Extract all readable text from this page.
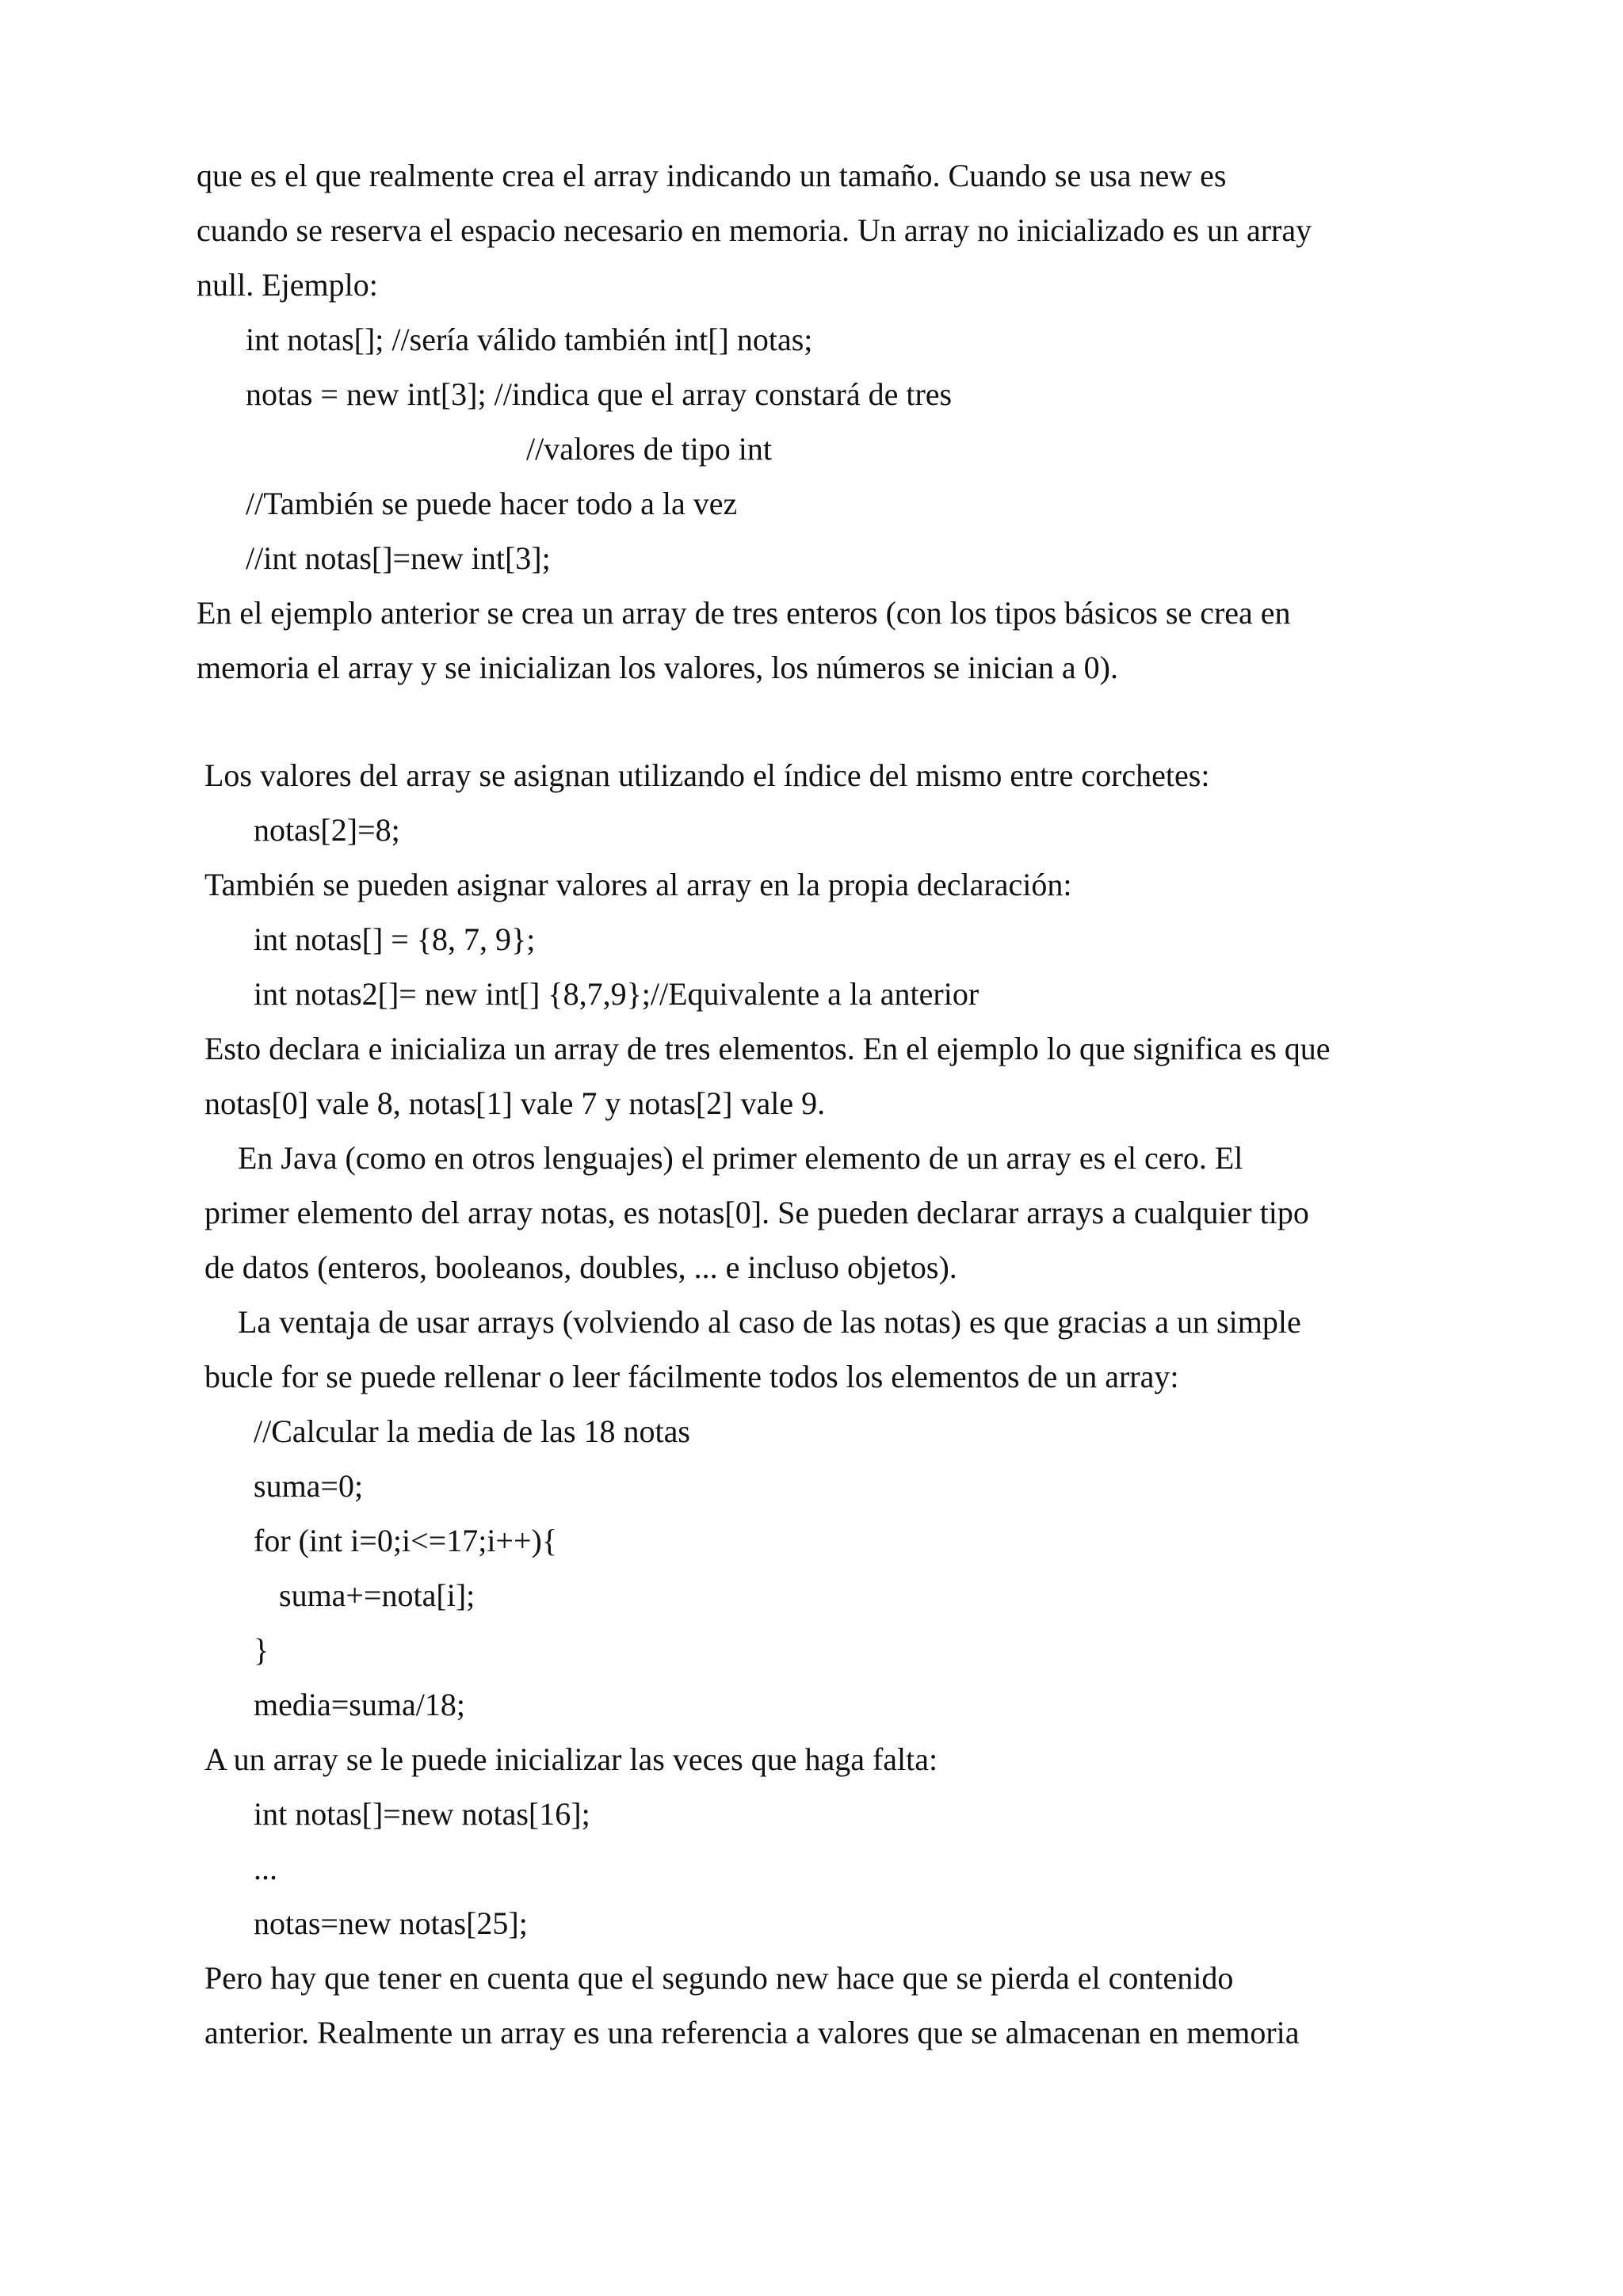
que es el que realmente crea el array indicando un tamaño. Cuando se usa new es
cuando se reserva el espacio necesario en memoria. Un array no inicializado es un array
null. Ejemplo:
int notas[]; //sería válido también int[] notas;
notas = new int[3]; //indica que el array constará de tres
//valores de tipo int
//También se puede hacer todo a la vez
//int notas[]=new int[3];
En el ejemplo anterior se crea un array de tres enteros (con los tipos básicos se crea en
memoria el array y se inicializan los valores, los números se inician a 0).
Los valores del array se asignan utilizando el índice del mismo entre corchetes:
notas[2]=8;
También se pueden asignar valores al array en la propia declaración:
int notas[] = {8, 7, 9};
int notas2[]= new int[] {8,7,9};//Equivalente a la anterior
Esto declara e inicializa un array de tres elementos. En el ejemplo lo que significa es que
notas[0] vale 8, notas[1] vale 7 y notas[2] vale 9.
En Java (como en otros lenguajes) el primer elemento de un array es el cero. El
primer elemento del array notas, es notas[0]. Se pueden declarar arrays a cualquier tipo
de datos (enteros, booleanos, doubles, ... e incluso objetos).
La ventaja de usar arrays (volviendo al caso de las notas) es que gracias a un simple
bucle for se puede rellenar o leer fácilmente todos los elementos de un array:
//Calcular la media de las 18 notas
suma=0;
for (int i=0;i<=17;i++){
suma+=nota[i];
}
media=suma/18;
A un array se le puede inicializar las veces que haga falta:
int notas[]=new notas[16];
...
notas=new notas[25];
Pero hay que tener en cuenta que el segundo new hace que se pierda el contenido
anterior. Realmente un array es una referencia a valores que se almacenan en memoria
